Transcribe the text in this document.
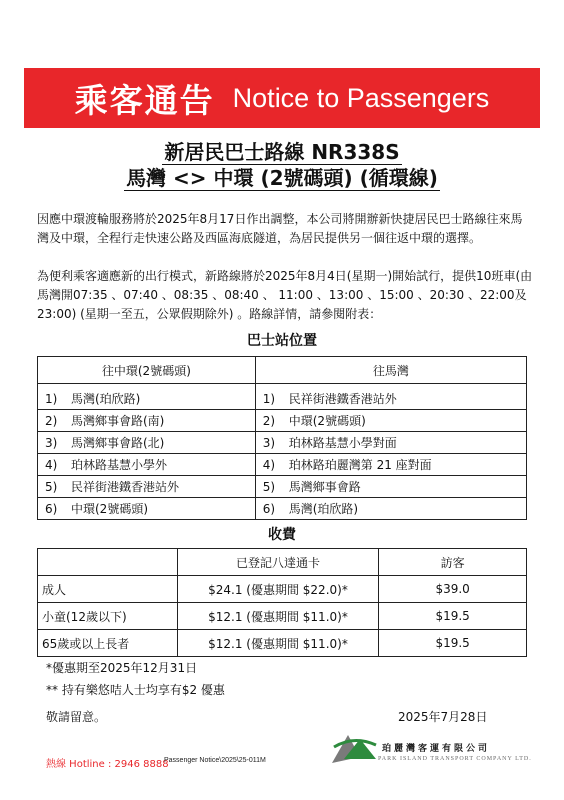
乘客通告 Notice to Passengers
新居民巴士路線 NR338S
馬灣 <> 中環 (2號碼頭) (循環線)

因應中環渡輪服務將於2025年8月17日作出調整，本公司將開辦新快捷居民巴士路線往來馬灣及中環，全程行走快速公路及西區海底隧道，為居民提供另一個往返中環的選擇。

為便利乘客適應新的出行模式，新路線將於2025年8月4日(星期一)開始試行，提供10班車(由馬灣開07:35 、07:40 、08:35 、08:40 、 11:00 、13:00 、15:00 、20:30 、22:00及23:00) (星期一至五，公眾假期除外) 。路線詳情，請參閱附表：

巴士站位置
往中環(2號碼頭)	往馬灣
1) 馬灣(珀欣路)	1) 民祥街港鐵香港站外
2) 馬灣鄉事會路(南)	2) 中環(2號碼頭)
3) 馬灣鄉事會路(北)	3) 珀林路基慧小學對面
4) 珀林路基慧小學外	4) 珀林路珀麗灣第 21 座對面
5) 民祥街港鐵香港站外	5) 馬灣鄉事會路
6) 中環(2號碼頭)	6) 馬灣(珀欣路)
收費
	已登記八達通卡	訪客
成人	$24.1 (優惠期間 $22.0)*	$39.0
小童(12歲以下)	$12.1 (優惠期間 $11.0)*	$19.5
65歲或以上長者	$12.1 (優惠期間 $11.0)*	$19.5
*優惠期至2025年12月31日
** 持有樂悠咭人士均享有$2 優惠
敬請留意。	2025年7月28日
珀麗灣客運有限公司
PARK ISLAND TRANSPORT COMPANY LTD.
熱線 Hotline : 2946 8888
Passenger Notice\2025\25-011M
